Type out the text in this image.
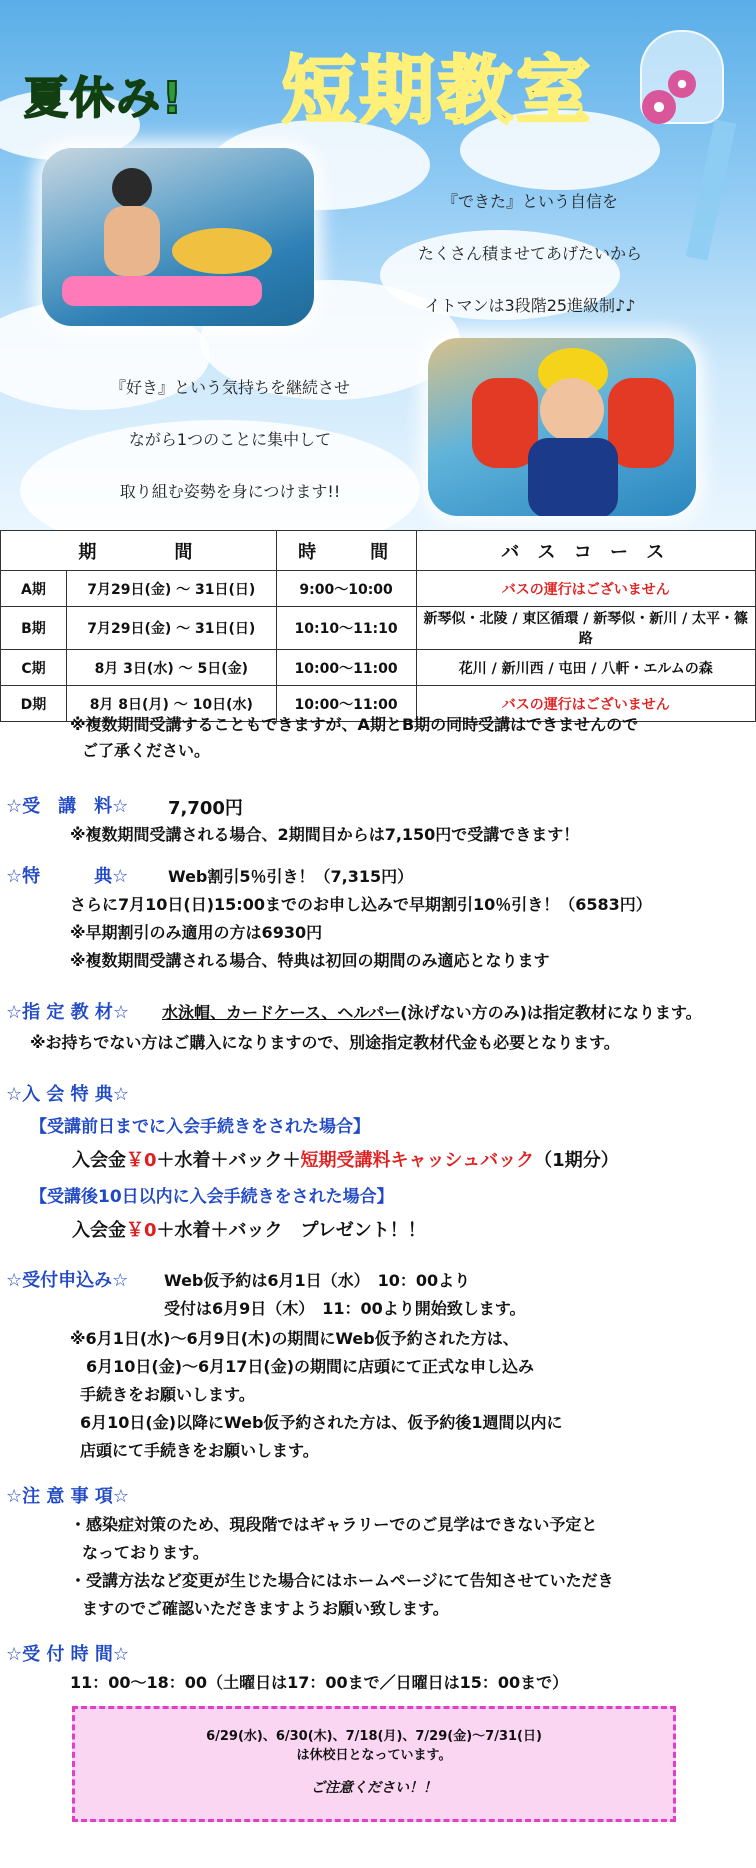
夏休み! 短期教室
『できた』という自信を
たくさん積ませてあげたいから
イトマンは3段階25進級制♪♪
『好き』という気持ちを継続させ
ながら1つのことに集中して
取り組む姿勢を身につけます!!
期　　　間		時　　間	バ ス コ ー ス
A期	7月29日(金) ～ 31日(日)	9:00～10:00	バスの運行はございません
B期	7月29日(金) ～ 31日(日)	10:10～11:10	新琴似・北陵 / 東区循環 / 新琴似・新川 / 太平・篠路
C期	8月 3日(水) ～ 5日(金)	10:00～11:00	花川 / 新川西 / 屯田 / 八軒・エルムの森
D期	8月 8日(月) ～ 10日(水)	10:00～11:00	バスの運行はございません
※複数期間受講することもできますが、A期とB期の同時受講はできませんので
ご了承ください。
☆受　講　料☆ 7,700円
※複数期間受講される場合、2期間目からは7,150円で受講できます！
☆特　　　典☆ Web割引5％引き！（7,315円）
さらに7月10日(日)15:00までのお申し込みで早期割引10％引き！（6583円）
※早期割引のみ適用の方は6930円
※複数期間受講される場合、特典は初回の期間のみ適応となります
☆指 定 教 材☆ 水泳帽、カードケース、ヘルパー(泳げない方のみ)は指定教材になります。
※お持ちでない方はご購入になりますので、別途指定教材代金も必要となります。
☆入 会 特 典☆
【受講前日までに入会手続きをされた場合】
入会金￥0＋水着＋バック＋短期受講料キャッシュバック（1期分）
【受講後10日以内に入会手続きをされた場合】
入会金￥0＋水着＋バック　プレゼント！！
☆受付申込み☆ Web仮予約は6月1日（水）　10：00より
受付は6月9日（木）　11：00より開始致します。
※6月1日(水)～6月9日(木)の期間にWeb仮予約された方は、
6月10日(金)～6月17日(金)の期間に店頭にて正式な申し込み
手続きをお願いします。
6月10日(金)以降にWeb仮予約された方は、仮予約後1週間以内に
店頭にて手続きをお願いします。
☆注 意 事 項☆
・感染症対策のため、現段階ではギャラリーでのご見学はできない予定と
なっております。
・受講方法など変更が生じた場合にはホームページにて告知させていただき
ますのでご確認いただきますようお願い致します。
☆受 付 時 間☆
11：00～18：00（土曜日は17：00まで／日曜日は15：00まで）
6/29(水)、6/30(木)、7/18(月)、7/29(金)～7/31(日)
は休校日となっています。
ご注意ください！！
